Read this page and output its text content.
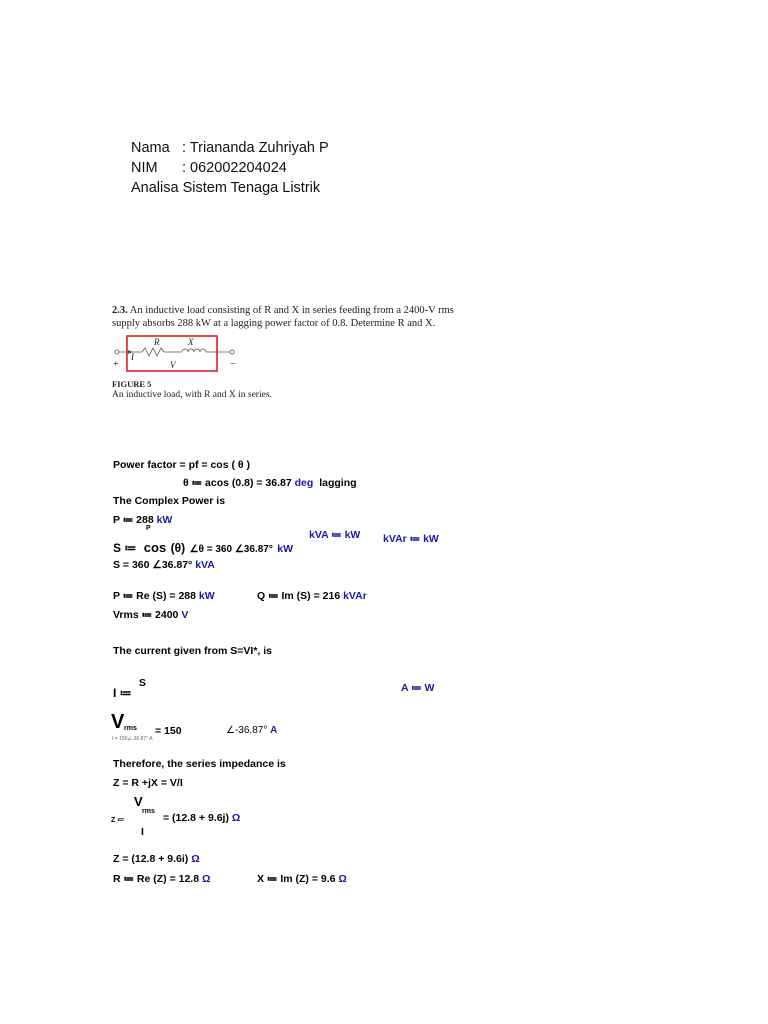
Nama : Triananda Zuhriyah P
NIM : 062002204024
Analisa Sistem Tenaga Listrik
2.3. An inductive load consisting of R and X in series feeding from a 2400-V rms
supply absorbs 288 kW at a lagging power factor of 0.8. Determine R and X.
R	X
I
V
+	−
FIGURE 5
An inductive load, with R and X in series.
Power factor = pf = cos ( θ )
θ ≔ acos (0.8) = 36.87 deg lagging
The Complex Power is
P ≔ 288 kW
P
kVA ≔ kW kVAr ≔ kW
S ≔ cos (θ) ∠θ = 360 ∠36.87° kW
S = 360 ∠36.87° kVA
P ≔ Re (S) = 288 kW	Q ≔ Im (S) = 216 kVAr
Vrms ≔ 2400 V
The current given from S=VI*, is
S
I ≔	A ≔ W
V rms = 150	∠-36.87° A
I = 150∠-36.87° A
Therefore, the series impedance is
Z = R +jX = V/I
V
rms
Z ≔	= (12.8 + 9.6j) Ω
I
Z = (12.8 + 9.6i) Ω
R ≔ Re (Z) = 12.8 Ω	X ≔ Im (Z) = 9.6 Ω
